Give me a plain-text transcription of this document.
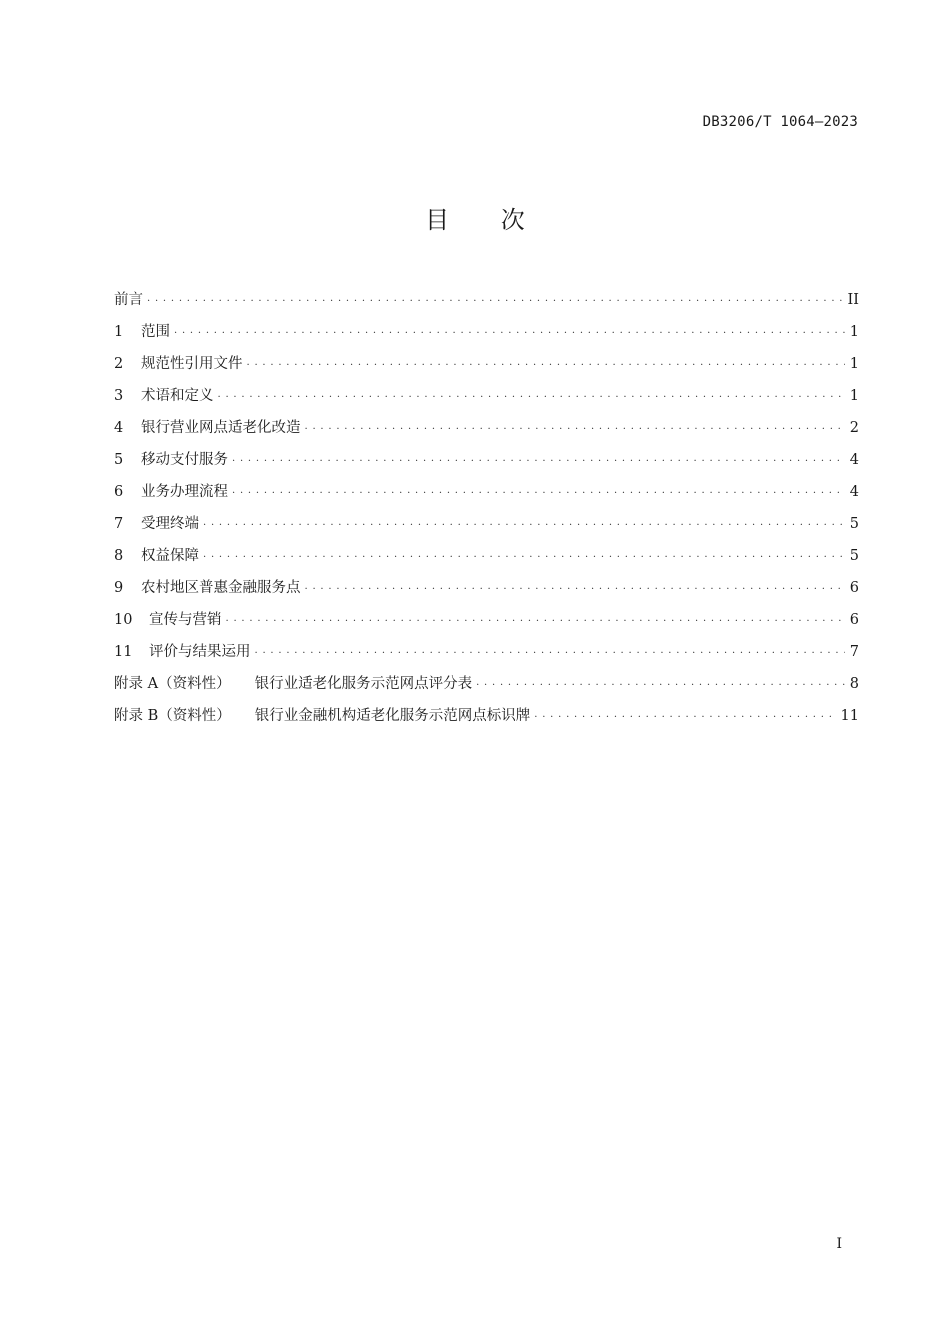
DB3206/T 1064—2023
目 次
前言 . . .	II
1	范围 . . .	1
2	规范性引用文件 . . .	1
3	术语和定义 . . .	1
4	银行营业网点适老化改造 . . .	2
5	移动支付服务 . . .	4
6	业务办理流程 . . .	4
7	受理终端 . . .	5
8	权益保障 . . .	5
9	农村地区普惠金融服务点 . . .	6
10	宣传与营销 . . .	6
11	评价与结果运用 . . .	7
附录 A（资料性）	银行业适老化服务示范网点评分表 . . .	8
附录 B（资料性）	银行业金融机构适老化服务示范网点标识牌 . . .	11
I
